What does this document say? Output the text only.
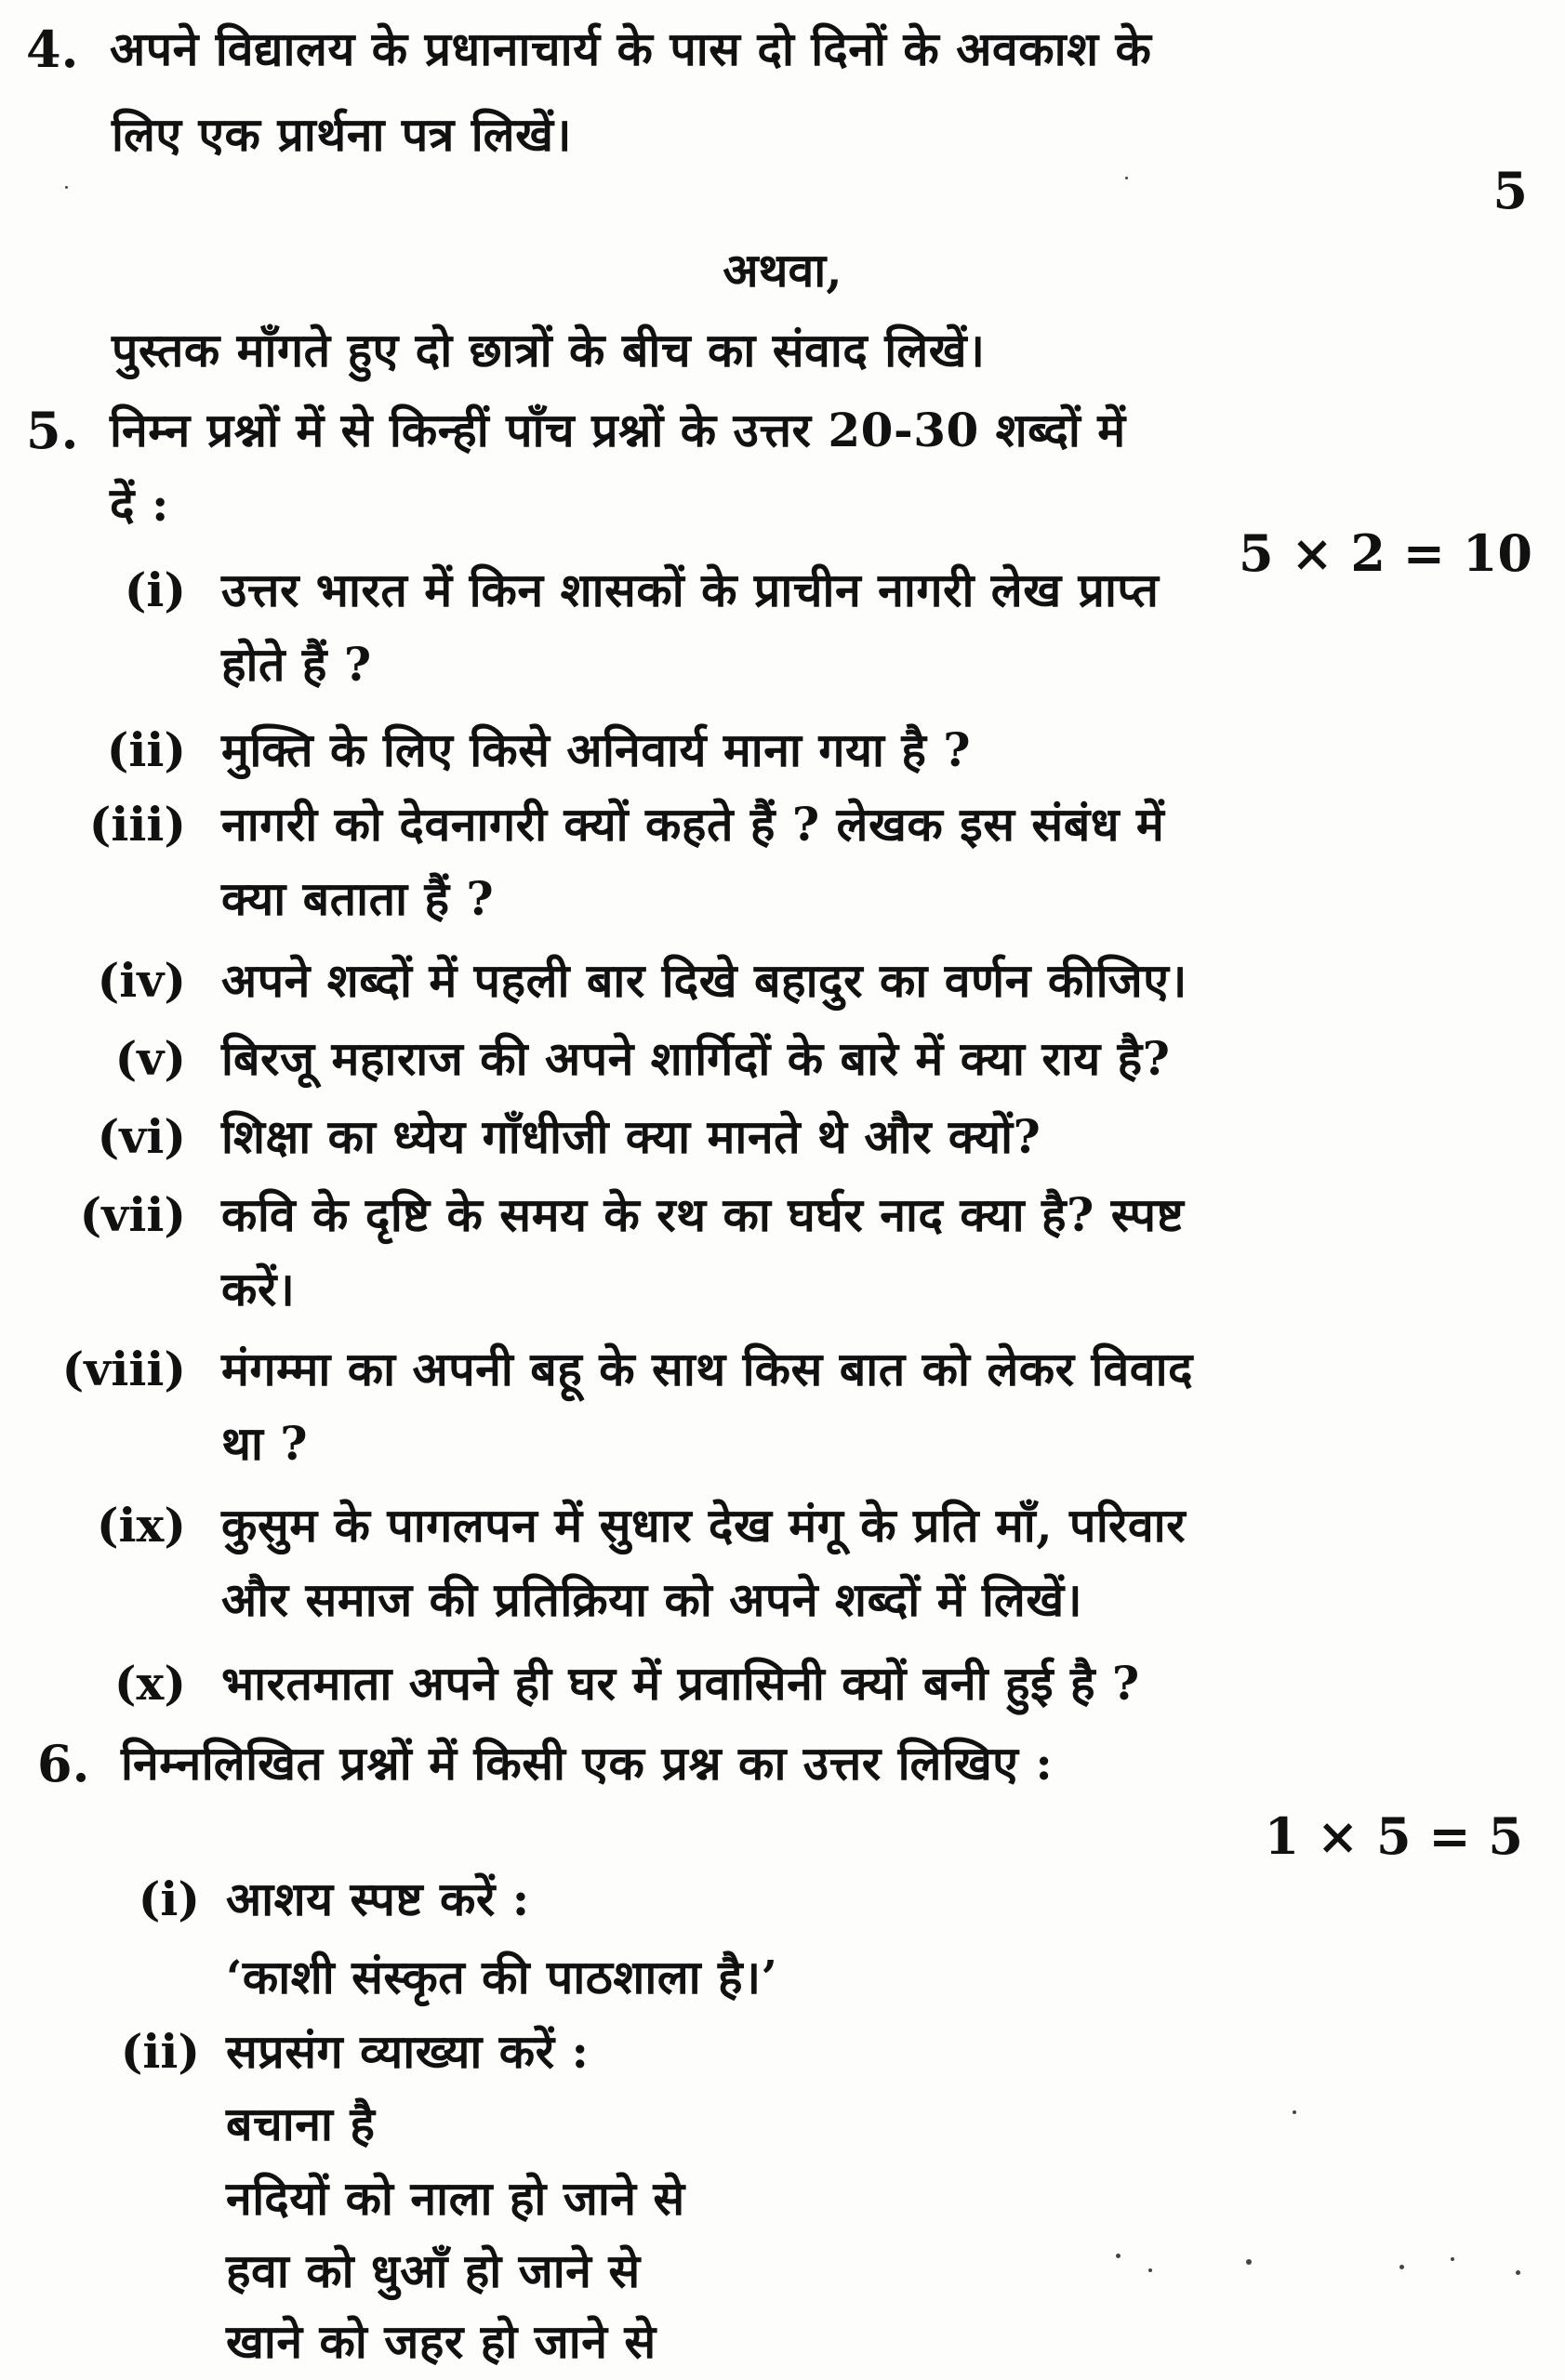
4. अपने विद्यालय के प्रधानाचार्य के पास दो दिनों के अवकाश के
लिए एक प्रार्थना पत्र लिखें।
5
अथवा,
पुस्तक माँगते हुए दो छात्रों के बीच का संवाद लिखें।
5. निम्न प्रश्नों में से किन्हीं पाँच प्रश्नों के उत्तर 20-30 शब्दों में
दें :
5 × 2 = 10
(i) उत्तर भारत में किन शासकों के प्राचीन नागरी लेख प्राप्त
होते हैं ?
(ii) मुक्ति के लिए किसे अनिवार्य माना गया है ?
(iii) नागरी को देवनागरी क्यों कहते हैं ? लेखक इस संबंध में
क्या बताता हैं ?
(iv) अपने शब्दों में पहली बार दिखे बहादुर का वर्णन कीजिए।
(v) बिरजू महाराज की अपने शार्गिदों के बारे में क्या राय है?
(vi) शिक्षा का ध्येय गाँधीजी क्या मानते थे और क्यों?
(vii) कवि के दृष्टि के समय के रथ का घर्घर नाद क्या है? स्पष्ट
करें।
(viii) मंगम्मा का अपनी बहू के साथ किस बात को लेकर विवाद
था ?
(ix) कुसुम के पागलपन में सुधार देख मंगू के प्रति माँ, परिवार
और समाज की प्रतिक्रिया को अपने शब्दों में लिखें।
(x) भारतमाता अपने ही घर में प्रवासिनी क्यों बनी हुई है ?
6. निम्नलिखित प्रश्नों में किसी एक प्रश्न का उत्तर लिखिए :
1 × 5 = 5
(i) आशय स्पष्ट करें :
‘काशी संस्कृत की पाठशाला है।’
(ii) सप्रसंग व्याख्या करें :
बचाना है
नदियों को नाला हो जाने से
हवा को धुआँ हो जाने से
खाने को जहर हो जाने से
